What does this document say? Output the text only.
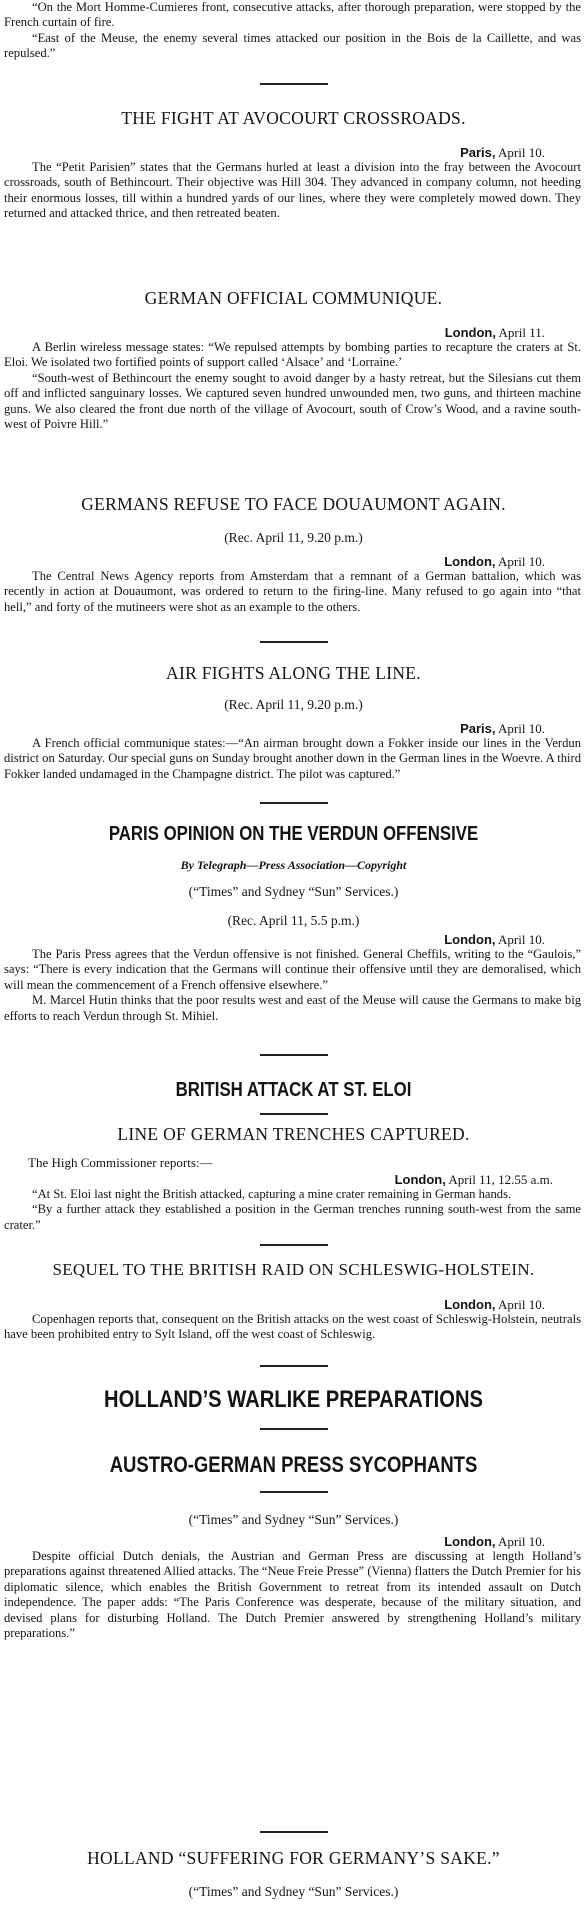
“On the Mort Homme-Cumieres front, consecutive attacks, after thorough preparation, were stopped by the French curtain of fire.

“East of the Meuse, the enemy several times attacked our position in the Bois de la Caillette, and was repulsed.”

THE FIGHT AT AVOCOURT CROSSROADS.

Paris, April 10.

The “Petit Parisien” states that the Germans hurled at least a division into the fray between the Avocourt crossroads, south of Bethincourt. Their objective was Hill 304. They advanced in company column, not heeding their enormous losses, till within a hundred yards of our lines, where they were completely mowed down. They returned and attacked thrice, and then retreated beaten.

GERMAN OFFICIAL COMMUNIQUE.

London, April 11.

A Berlin wireless message states: “We repulsed attempts by bombing parties to recapture the craters at St. Eloi. We isolated two fortified points of support called ‘Alsace’ and ‘Lorraine.’

“South-west of Bethincourt the enemy sought to avoid danger by a hasty retreat, but the Silesians cut them off and inflicted sanguinary losses. We captured seven hundred unwounded men, two guns, and thirteen machine guns. We also cleared the front due north of the village of Avocourt, south of Crow’s Wood, and a ravine south-west of Poivre Hill.”

GERMANS REFUSE TO FACE DOUAUMONT AGAIN.

(Rec. April 11, 9.20 p.m.)

London, April 10.

The Central News Agency reports from Amsterdam that a remnant of a German battalion, which was recently in action at Douaumont, was ordered to return to the firing-line. Many refused to go again into “that hell,” and forty of the mutineers were shot as an example to the others.

AIR FIGHTS ALONG THE LINE.

(Rec. April 11, 9.20 p.m.)

Paris, April 10.

A French official communique states:—“An airman brought down a Fokker inside our lines in the Verdun district on Saturday. Our special guns on Sunday brought another down in the German lines in the Woevre. A third Fokker landed undamaged in the Champagne district. The pilot was captured.”

PARIS OPINION ON THE VERDUN OFFENSIVE

By Telegraph—Press Association—Copyright

(“Times” and Sydney “Sun” Services.)

(Rec. April 11, 5.5 p.m.)

London, April 10.

The Paris Press agrees that the Verdun offensive is not finished. General Cheffils, writing to the “Gaulois,” says: “There is every indication that the Germans will continue their offensive until they are demoralised, which will mean the commencement of a French offensive elsewhere.”

M. Marcel Hutin thinks that the poor results west and east of the Meuse will cause the Germans to make big efforts to reach Verdun through St. Mihiel.

BRITISH ATTACK AT ST. ELOI
LINE OF GERMAN TRENCHES CAPTURED.

The High Commissioner reports:—

London, April 11, 12.55 a.m.

“At St. Eloi last night the British attacked, capturing a mine crater remaining in German hands.

“By a further attack they established a position in the German trenches running south-west from the same crater.”

SEQUEL TO THE BRITISH RAID ON SCHLESWIG-HOLSTEIN.

London, April 10.

Copenhagen reports that, consequent on the British attacks on the west coast of Schleswig-Holstein, neutrals have been prohibited entry to Sylt Island, off the west coast of Schleswig.

HOLLAND’S WARLIKE PREPARATIONS
AUSTRO-GERMAN PRESS SYCOPHANTS

(“Times” and Sydney “Sun” Services.)

London, April 10.

Despite official Dutch denials, the Austrian and German Press are discussing at length Holland’s preparations against threatened Allied attacks. The “Neue Freie Presse” (Vienna) flatters the Dutch Premier for his diplomatic silence, which enables the British Government to retreat from its intended assault on Dutch independence. The paper adds: “The Paris Conference was desperate, because of the military situation, and devised plans for disturbing Holland. The Dutch Premier answered by strengthening Holland’s military preparations.”

HOLLAND “SUFFERING FOR GERMANY’S SAKE.”

(“Times” and Sydney “Sun” Services.)
